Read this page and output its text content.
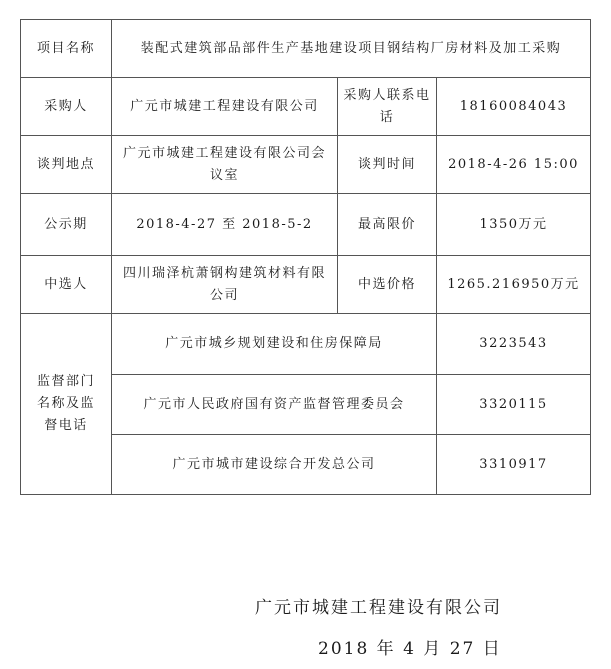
项目名称	装配式建筑部品部件生产基地建设项目钢结构厂房材料及加工采购		
采购人	广元市城建工程建设有限公司	采购人联系电话	18160084043
谈判地点	广元市城建工程建设有限公司会议室	谈判时间	2018-4-26 15:00
公示期	2018-4-27 至 2018-5-2	最高限价	1350万元
中选人	四川瑞泽杭萧钢构建筑材料有限公司	中选价格	1265.216950万元
监督部门名称及监督电话	广元市城乡规划建设和住房保障局		3223543
	广元市人民政府国有资产监督管理委员会		3320115
	广元市城市建设综合开发总公司		3310917
广元市城建工程建设有限公司
2018 年 4 月 27 日
